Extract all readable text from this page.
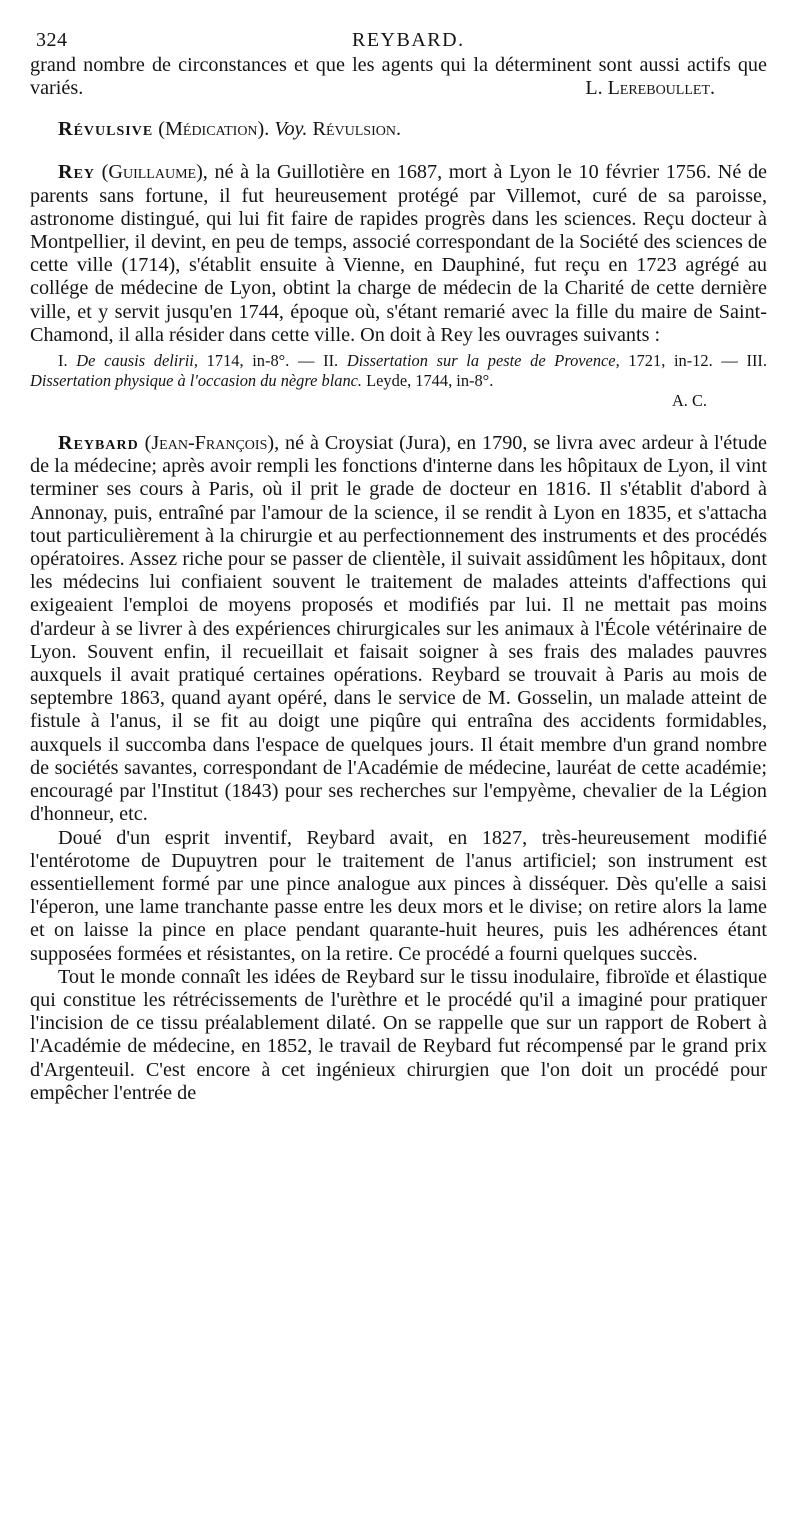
324	REYBARD.

grand nombre de circonstances et que les agents qui la déterminent sont aussi actifs que variés.	L. Lereboullet.

Révulsive (Médication). Voy. Révulsion.

Rey (Guillaume), né à la Guillotière en 1687, mort à Lyon le 10 février 1756. Né de parents sans fortune, il fut heureusement protégé par Villemot, curé de sa paroisse, astronome distingué, qui lui fit faire de rapides progrès dans les sciences. Reçu docteur à Montpellier, il devint, en peu de temps, associé correspondant de la Société des sciences de cette ville (1714), s'établit ensuite à Vienne, en Dauphiné, fut reçu en 1723 agrégé au collége de médecine de Lyon, obtint la charge de médecin de la Charité de cette dernière ville, et y servit jusqu'en 1744, époque où, s'étant remarié avec la fille du maire de Saint-Chamond, il alla résider dans cette ville. On doit à Rey les ouvrages suivants :

I. De causis delirii, 1714, in-8°. — II. Dissertation sur la peste de Provence, 1721, in-12. — III. Dissertation physique à l'occasion du nègre blanc. Leyde, 1744, in-8°.
A. C.

Reybard (Jean-François), né à Croysiat (Jura), en 1790, se livra avec ardeur à l'étude de la médecine; après avoir rempli les fonctions d'interne dans les hôpitaux de Lyon, il vint terminer ses cours à Paris, où il prit le grade de docteur en 1816. Il s'établit d'abord à Annonay, puis, entraîné par l'amour de la science, il se rendit à Lyon en 1835, et s'attacha tout particulièrement à la chirurgie et au perfectionnement des instruments et des procédés opératoires. Assez riche pour se passer de clientèle, il suivait assidûment les hôpitaux, dont les médecins lui confiaient souvent le traitement de malades atteints d'affections qui exigeaient l'emploi de moyens proposés et modifiés par lui. Il ne mettait pas moins d'ardeur à se livrer à des expériences chirurgicales sur les animaux à l'École vétérinaire de Lyon. Souvent enfin, il recueillait et faisait soigner à ses frais des malades pauvres auxquels il avait pratiqué certaines opérations. Reybard se trouvait à Paris au mois de septembre 1863, quand ayant opéré, dans le service de M. Gosselin, un malade atteint de fistule à l'anus, il se fit au doigt une piqûre qui entraîna des accidents formidables, auxquels il succomba dans l'espace de quelques jours. Il était membre d'un grand nombre de sociétés savantes, correspondant de l'Académie de médecine, lauréat de cette académie; encouragé par l'Institut (1843) pour ses recherches sur l'empyème, chevalier de la Légion d'honneur, etc.

Doué d'un esprit inventif, Reybard avait, en 1827, très-heureusement modifié l'entérotome de Dupuytren pour le traitement de l'anus artificiel; son instrument est essentiellement formé par une pince analogue aux pinces à disséquer. Dès qu'elle a saisi l'éperon, une lame tranchante passe entre les deux mors et le divise; on retire alors la lame et on laisse la pince en place pendant quarante-huit heures, puis les adhérences étant supposées formées et résistantes, on la retire. Ce procédé a fourni quelques succès.

Tout le monde connaît les idées de Reybard sur le tissu inodulaire, fibroïde et élastique qui constitue les rétrécissements de l'urèthre et le procédé qu'il a imaginé pour pratiquer l'incision de ce tissu préalablement dilaté. On se rappelle que sur un rapport de Robert à l'Académie de médecine, en 1852, le travail de Reybard fut récompensé par le grand prix d'Argenteuil. C'est encore à cet ingénieux chirurgien que l'on doit un procédé pour empêcher l'entrée de
